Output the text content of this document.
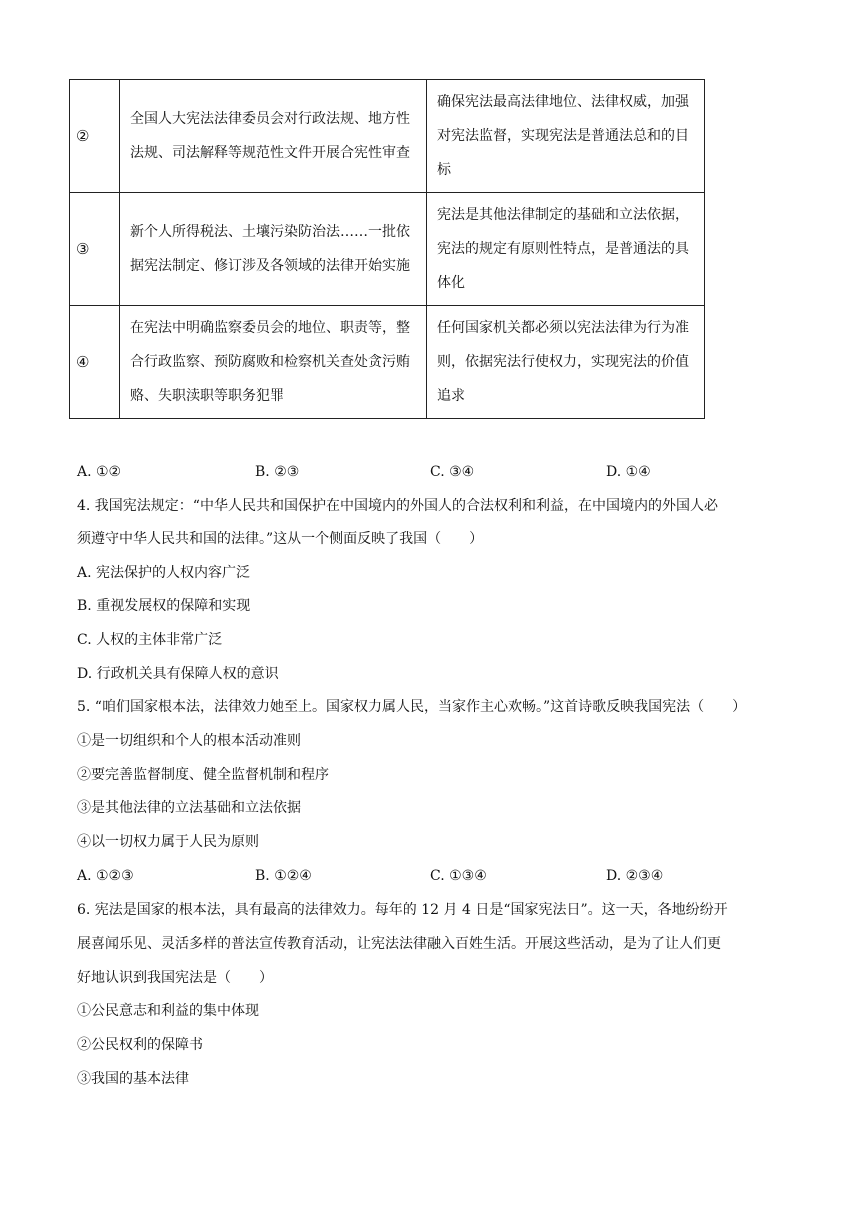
②	全国人大宪法法律委员会对行政法规、地方性法规、司法解释等规范性文件开展合宪性审查	确保宪法最高法律地位、法律权威，加强对宪法监督，实现宪法是普通法总和的目标
③	新个人所得税法、土壤污染防治法……一批依据宪法制定、修订涉及各领域的法律开始实施	宪法是其他法律制定的基础和立法依据，宪法的规定有原则性特点，是普通法的具体化
④	在宪法中明确监察委员会的地位、职责等，整合行政监察、预防腐败和检察机关查处贪污贿赂、失职渎职等职务犯罪	任何国家机关都必须以宪法法律为行为准则，依据宪法行使权力，实现宪法的价值追求
A. ①②	B. ②③	C. ③④	D. ①④
4. 我国宪法规定：“中华人民共和国保护在中国境内的外国人的合法权利和利益，在中国境内的外国人必
须遵守中华人民共和国的法律。”这从一个侧面反映了我国（　　）
A. 宪法保护的人权内容广泛
B. 重视发展权的保障和实现
C. 人权的主体非常广泛
D. 行政机关具有保障人权的意识
5. “咱们国家根本法，法律效力她至上。国家权力属人民，当家作主心欢畅。”这首诗歌反映我国宪法（　　）
①是一切组织和个人的根本活动准则
②要完善监督制度、健全监督机制和程序
③是其他法律的立法基础和立法依据
④以一切权力属于人民为原则
A. ①②③	B. ①②④	C. ①③④	D. ②③④
6. 宪法是国家的根本法，具有最高的法律效力。每年的 12 月 4 日是“国家宪法日”。这一天，各地纷纷开
展喜闻乐见、灵活多样的普法宣传教育活动，让宪法法律融入百姓生活。开展这些活动，是为了让人们更
好地认识到我国宪法是（　　）
①公民意志和利益的集中体现
②公民权利的保障书
③我国的基本法律
